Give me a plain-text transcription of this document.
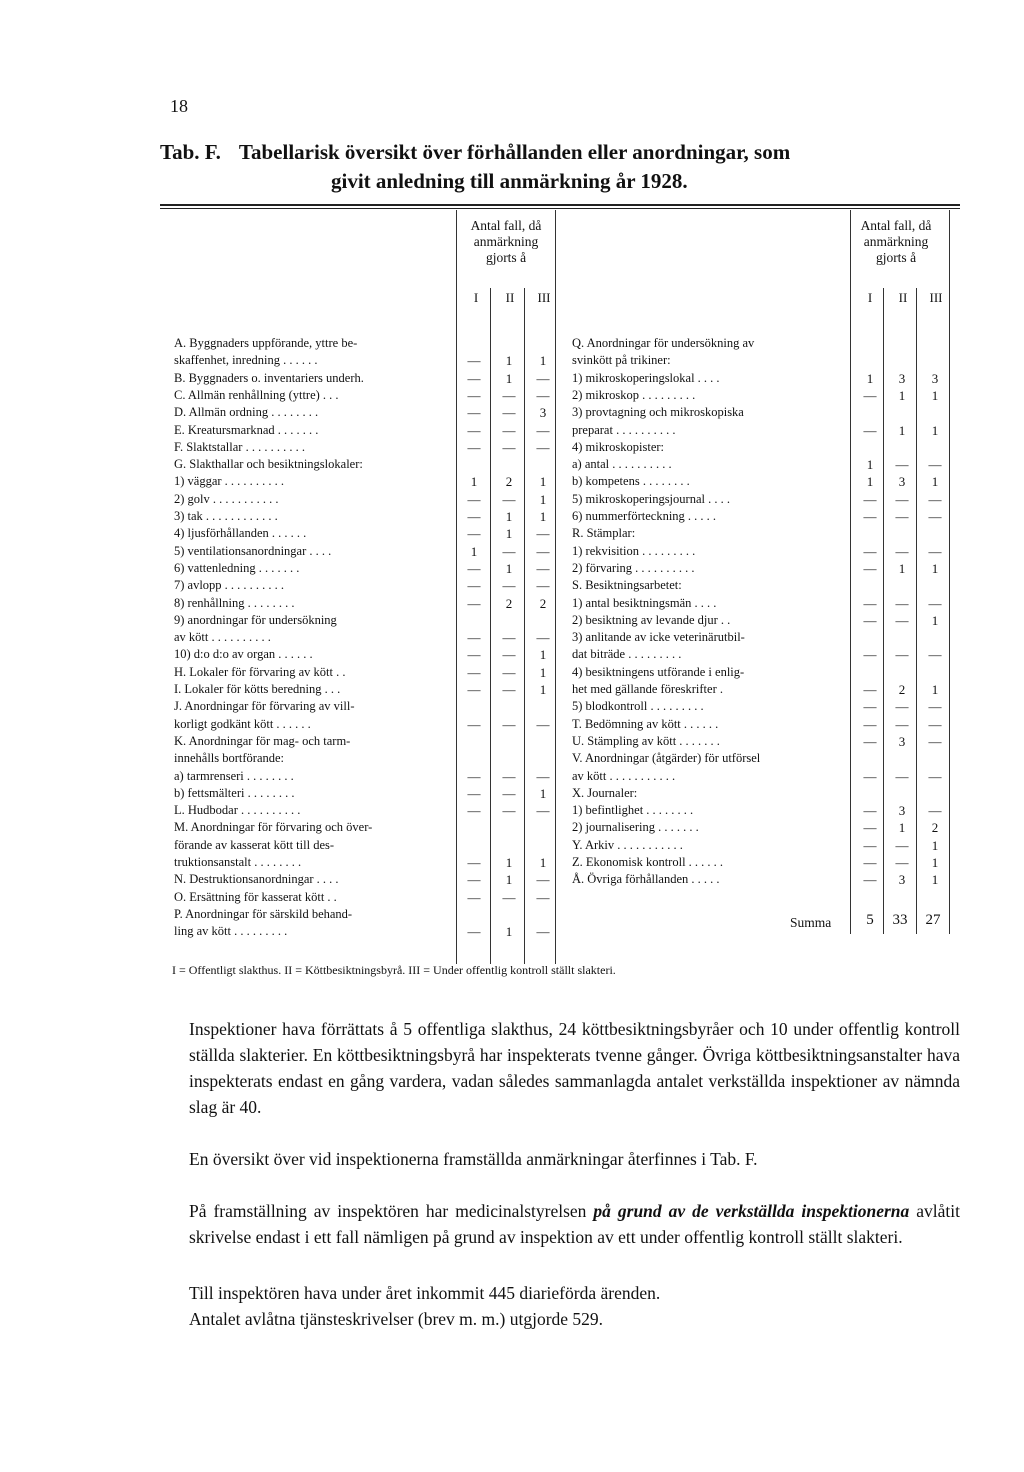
18
Tab. F. Tabellarisk översikt över förhållanden eller anordningar, som
givit anledning till anmärkning år 1928.
Antal fall, då
anmärkning
gjorts å
Antal fall, då
anmärkning
gjorts å
I	II	III	I	II	III
A. Byggnaders uppförande, yttre be-
skaffenhet, inredning . . . . . .	—	1	1
B. Byggnaders o. inventariers underh.	—	1	—
C. Allmän renhållning (yttre) . . .	—	—	—
D. Allmän ordning . . . . . . . .	—	—	3
E. Kreatursmarknad . . . . . . .	—	—	—
F. Slaktstallar . . . . . . . . . .	—	—	—
G. Slakthallar och besiktningslokaler:
1) väggar . . . . . . . . . .	1	2	1
2) golv . . . . . . . . . . .	—	—	1
3) tak . . . . . . . . . . . .	—	1	1
4) ljusförhållanden . . . . . .	—	1	—
5) ventilationsanordningar . . . .	1	—	—
6) vattenledning . . . . . . .	—	1	—
7) avlopp . . . . . . . . . .	—	—	—
8) renhållning . . . . . . . .	—	2	2
9) anordningar för undersökning
av kött . . . . . . . . . .	—	—	—
10) d:o d:o av organ . . . . . .	—	—	1
H. Lokaler för förvaring av kött . .	—	—	1
I. Lokaler för kötts beredning . . .	—	—	1
J. Anordningar för förvaring av vill-
korligt godkänt kött . . . . . .	—	—	—
K. Anordningar för mag- och tarm-
innehålls bortförande:
a) tarmrenseri . . . . . . . .	—	—	—
b) fettsmälteri . . . . . . . .	—	—	1
L. Hudbodar . . . . . . . . . .	—	—	—
M. Anordningar för förvaring och över-
förande av kasserat kött till des-
truktionsanstalt . . . . . . . .	—	1	1
N. Destruktionsanordningar . . . .	—	1	—
O. Ersättning för kasserat kött . .	—	—	—
P. Anordningar för särskild behand-
ling av kött . . . . . . . . .	—	1	—
Q. Anordningar för undersökning av
svinkött på trikiner:
1) mikroskoperingslokal . . . .	1	3	3
2) mikroskop . . . . . . . . .	—	1	1
3) provtagning och mikroskopiska
preparat . . . . . . . . . .	—	1	1
4) mikroskopister:
a) antal . . . . . . . . . .	1	—	—
b) kompetens . . . . . . . .	1	3	1
5) mikroskoperingsjournal . . . .	—	—	—
6) nummerförteckning . . . . .	—	—	—
R. Stämplar:
1) rekvisition . . . . . . . . .	—	—	—
2) förvaring . . . . . . . . . .	—	1	1
S. Besiktningsarbetet:
1) antal besiktningsmän . . . .	—	—	—
2) besiktning av levande djur . .	—	—	1
3) anlitande av icke veterinärutbil-
dat biträde . . . . . . . . .	—	—	—
4) besiktningens utförande i enlig-
het med gällande föreskrifter .	—	2	1
5) blodkontroll . . . . . . . . .	—	—	—
T. Bedömning av kött . . . . . .	—	—	—
U. Stämpling av kött . . . . . . .	—	3	—
V. Anordningar (åtgärder) för utförsel
av kött . . . . . . . . . . .	—	—	—
X. Journaler:
1) befintlighet . . . . . . . .	—	3	—
2) journalisering . . . . . . .	—	1	2
Y. Arkiv . . . . . . . . . . .	—	—	1
Z. Ekonomisk kontroll . . . . . .	—	—	1
Å. Övriga förhållanden . . . . .	—	3	1
Summa	5	33	27
I = Offentligt slakthus. II = Köttbesiktningsbyrå. III = Under offentlig kontroll ställt slakteri.
Inspektioner hava förrättats å 5 offentliga slakthus, 24 köttbesiktningsbyråer och 10 under offentlig kontroll ställda slakterier. En köttbesiktningsbyrå har inspekterats tvenne gånger. Övriga köttbesiktningsanstalter hava inspekterats endast en gång vardera, vadan således sammanlagda antalet verkställda inspektioner av nämnda slag är 40.
En översikt över vid inspektionerna framställda anmärkningar återfinnes i Tab. F.
På framställning av inspektören har medicinalstyrelsen på grund av de verkställda inspektionerna avlåtit skrivelse endast i ett fall nämligen på grund av inspektion av ett under offentlig kontroll ställt slakteri.
Till inspektören hava under året inkommit 445 diarieförda ärenden.
Antalet avlåtna tjänsteskrivelser (brev m. m.) utgjorde 529.
